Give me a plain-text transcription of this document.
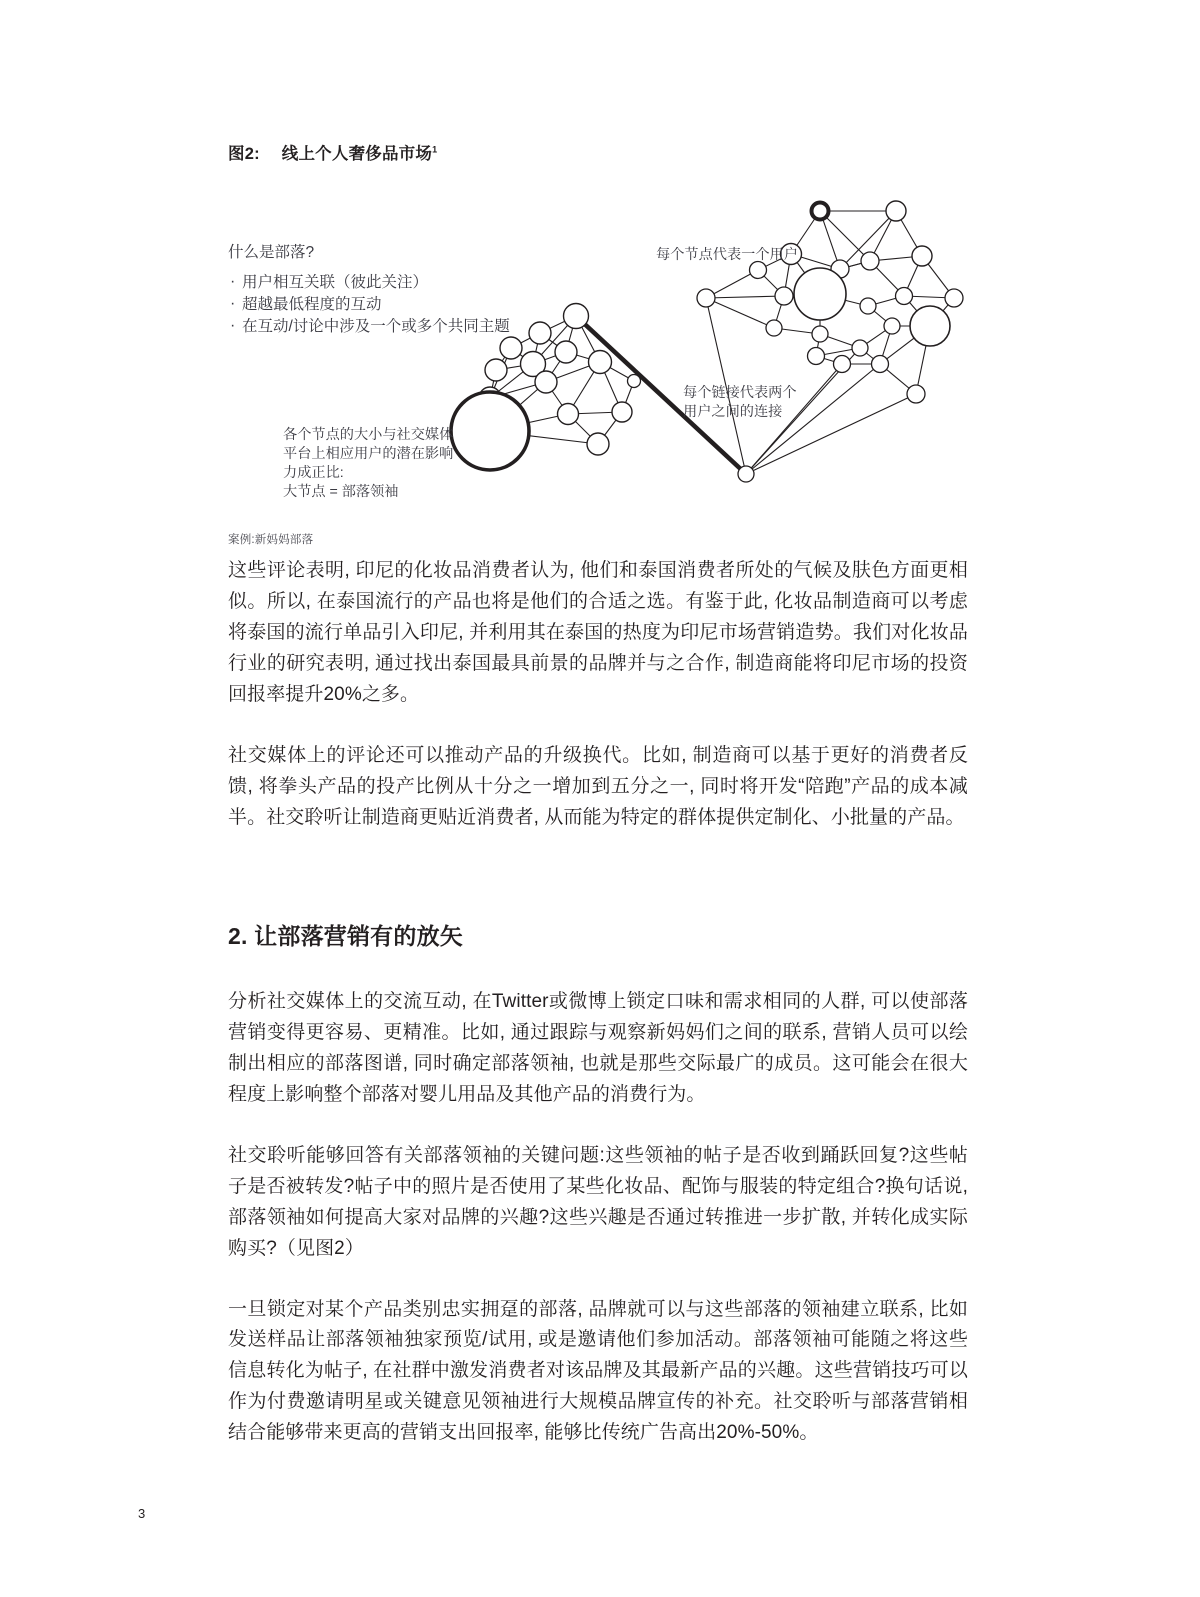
图2: 线上个人奢侈品市场$^1$
什么是部落?
· 用户相互关联（彼此关注）
· 超越最低程度的互动
· 在互动/讨论中涉及一个或多个共同主题
各个节点的大小与社交媒体
平台上相应用户的潜在影响
力成正比:
大节点 = 部落领袖
每个节点代表一个用户
每个链接代表两个
用户之间的连接
案例:新妈妈部落

这些评论表明, 印尼的化妆品消费者认为, 他们和泰国消费者所处的气候及肤色方面更相似。所以, 在泰国流行的产品也将是他们的合适之选。有鉴于此, 化妆品制造商可以考虑将泰国的流行单品引入印尼, 并利用其在泰国的热度为印尼市场营销造势。我们对化妆品行业的研究表明, 通过找出泰国最具前景的品牌并与之合作, 制造商能将印尼市场的投资回报率提升20%之多。

社交媒体上的评论还可以推动产品的升级换代。比如, 制造商可以基于更好的消费者反馈, 将拳头产品的投产比例从十分之一增加到五分之一, 同时将开发“陪跑”产品的成本减半。社交聆听让制造商更贴近消费者, 从而能为特定的群体提供定制化、小批量的产品。

2. 让部落营销有的放矢

分析社交媒体上的交流互动, 在Twitter或微博上锁定口味和需求相同的人群, 可以使部落营销变得更容易、更精准。比如, 通过跟踪与观察新妈妈们之间的联系, 营销人员可以绘制出相应的部落图谱, 同时确定部落领袖, 也就是那些交际最广的成员。这可能会在很大程度上影响整个部落对婴儿用品及其他产品的消费行为。

社交聆听能够回答有关部落领袖的关键问题:这些领袖的帖子是否收到踊跃回复?这些帖子是否被转发?帖子中的照片是否使用了某些化妆品、配饰与服装的特定组合?换句话说, 部落领袖如何提高大家对品牌的兴趣?这些兴趣是否通过转推进一步扩散, 并转化成实际购买?（见图2）

一旦锁定对某个产品类别忠实拥趸的部落, 品牌就可以与这些部落的领袖建立联系, 比如发送样品让部落领袖独家预览/试用, 或是邀请他们参加活动。部落领袖可能随之将这些信息转化为帖子, 在社群中激发消费者对该品牌及其最新产品的兴趣。这些营销技巧可以作为付费邀请明星或关键意见领袖进行大规模品牌宣传的补充。社交聆听与部落营销相结合能够带来更高的营销支出回报率, 能够比传统广告高出20%-50%。

3
